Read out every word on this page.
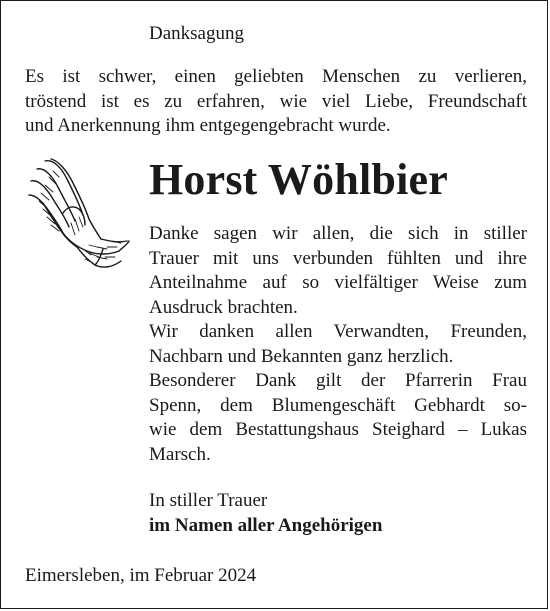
Danksagung
Es ist schwer, einen geliebten Menschen zu verlieren,
tröstend ist es zu erfahren, wie viel Liebe, Freundschaft
und Anerkennung ihm entgegengebracht wurde.
Horst Wöhlbier
Danke sagen wir allen, die sich in stiller
Trauer mit uns verbunden fühlten und ihre
Anteilnahme auf so vielfältiger Weise zum
Ausdruck brachten.
Wir danken allen Verwandten, Freunden,
Nachbarn und Bekannten ganz herzlich.
Besonderer Dank gilt der Pfarrerin Frau
Spenn, dem Blumengeschäft Gebhardt so-
wie dem Bestattungshaus Steighard – Lukas
Marsch.
In stiller Trauer
im Namen aller Angehörigen
Eimersleben, im Februar 2024
